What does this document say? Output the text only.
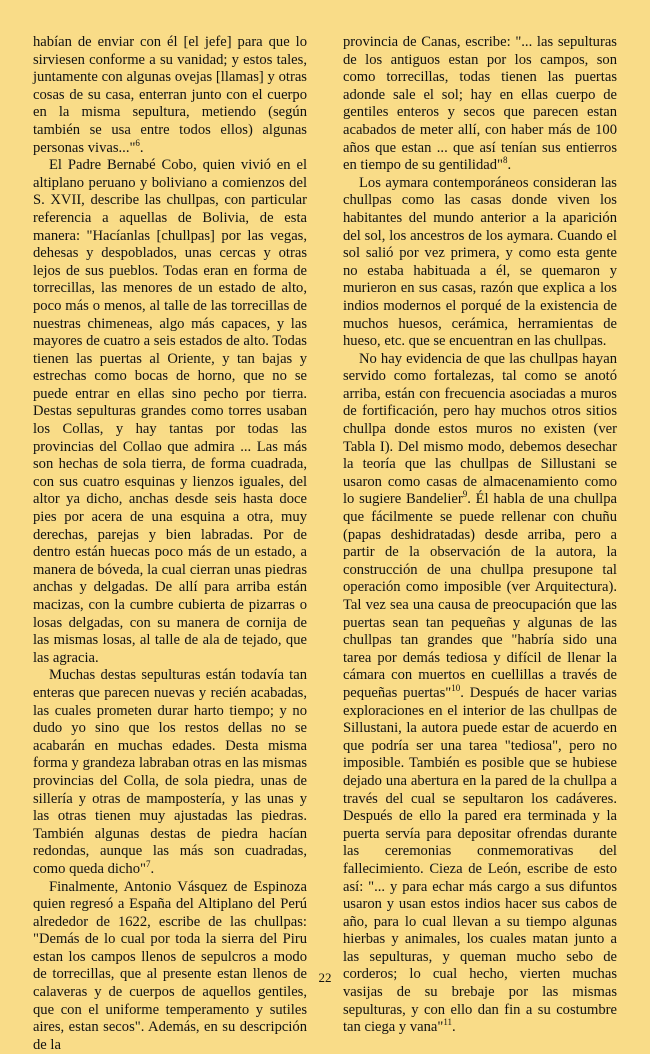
habían de enviar con él [el jefe] para que lo sirviesen conforme a su vanidad; y estos tales, juntamente con algunas ovejas [llamas] y otras cosas de su casa, enterran junto con el cuerpo en la misma sepultura, metiendo (según también se usa entre todos ellos) algunas personas vivas..."$^6$.

El Padre Bernabé Cobo, quien vivió en el altiplano peruano y boliviano a comienzos del S. XVII, describe las chullpas, con particular referencia a aquellas de Bolivia, de esta manera: "Hacíanlas [chullpas] por las vegas, dehesas y despoblados, unas cercas y otras lejos de sus pueblos. Todas eran en forma de torrecillas, las menores de un estado de alto, poco más o menos, al talle de las torrecillas de nuestras chimeneas, algo más capaces, y las mayores de cuatro a seis estados de alto. Todas tienen las puertas al Oriente, y tan bajas y estrechas como bocas de horno, que no se puede entrar en ellas sino pecho por tierra. Destas sepulturas grandes como torres usaban los Collas, y hay tantas por todas las provincias del Collao que admira ... Las más son hechas de sola tierra, de forma cuadrada, con sus cuatro esquinas y lienzos iguales, del altor ya dicho, anchas desde seis hasta doce pies por acera de una esquina a otra, muy derechas, parejas y bien labradas. Por de dentro están huecas poco más de un estado, a manera de bóveda, la cual cierran unas piedras anchas y delgadas. De allí para arriba están macizas, con la cumbre cubierta de pizarras o losas delgadas, con su manera de cornija de las mismas losas, al talle de ala de tejado, que las agracia.

Muchas destas sepulturas están todavía tan enteras que parecen nuevas y recién acabadas, las cuales prometen durar harto tiempo; y no dudo yo sino que los restos dellas no se acabarán en muchas edades. Desta misma forma y grandeza labraban otras en las mismas provincias del Colla, de sola piedra, unas de sillería y otras de mampostería, y las unas y las otras tienen muy ajustadas las piedras. También algunas destas de piedra hacían redondas, aunque las más son cuadradas, como queda dicho"$^7$.

Finalmente, Antonio Vásquez de Espinoza quien regresó a España del Altiplano del Perú alrededor de 1622, escribe de las chullpas: "Demás de lo cual por toda la sierra del Piru estan los campos llenos de sepulcros a modo de torrecillas, que al presente estan llenos de calaveras y de cuerpos de aquellos gentiles, que con el uniforme temperamento y sutiles aires, estan secos". Además, en su descripción de la

provincia de Canas, escribe: "... las sepulturas de los antiguos estan por los campos, son como torrecillas, todas tienen las puertas adonde sale el sol; hay en ellas cuerpo de gentiles enteros y secos que parecen estan acabados de meter allí, con haber más de 100 años que estan ... que así tenían sus entierros en tiempo de su gentilidad"$^8$.

Los aymara contemporáneos consideran las chullpas como las casas donde viven los habitantes del mundo anterior a la aparición del sol, los ancestros de los aymara. Cuando el sol salió por vez primera, y como esta gente no estaba habituada a él, se quemaron y murieron en sus casas, razón que explica a los indios modernos el porqué de la existencia de muchos huesos, cerámica, herramientas de hueso, etc. que se encuentran en las chullpas.

No hay evidencia de que las chullpas hayan servido como fortalezas, tal como se anotó arriba, están con frecuencia asociadas a muros de fortificación, pero hay muchos otros sitios chullpa donde estos muros no existen (ver Tabla I). Del mismo modo, debemos desechar la teoría que las chullpas de Sillustani se usaron como casas de almacenamiento como lo sugiere Bandelier$^9$. Él habla de una chullpa que fácilmente se puede rellenar con chuñu (papas deshidratadas) desde arriba, pero a partir de la observación de la autora, la construcción de una chullpa presupone tal operación como imposible (ver Arquitectura). Tal vez sea una causa de preocupación que las puertas sean tan pequeñas y algunas de las chullpas tan grandes que "habría sido una tarea por demás tediosa y difícil de llenar la cámara con muertos en cuellillas a través de pequeñas puertas"$^{10}$. Después de hacer varias exploraciones en el interior de las chullpas de Sillustani, la autora puede estar de acuerdo en que podría ser una tarea "tediosa", pero no imposible. También es posible que se hubiese dejado una abertura en la pared de la chullpa a través del cual se sepultaron los cadáveres. Después de ello la pared era terminada y la puerta servía para depositar ofrendas durante las ceremonias conmemorativas del fallecimiento. Cieza de León, escribe de esto así: "... y para echar más cargo a sus difuntos usaron y usan estos indios hacer sus cabos de año, para lo cual llevan a su tiempo algunas hierbas y animales, los cuales matan junto a las sepulturas, y queman mucho sebo de corderos; lo cual hecho, vierten muchas vasijas de su brebaje por las mismas sepulturas, y con ello dan fin a su costumbre tan ciega y vana"$^{11}$.

22
